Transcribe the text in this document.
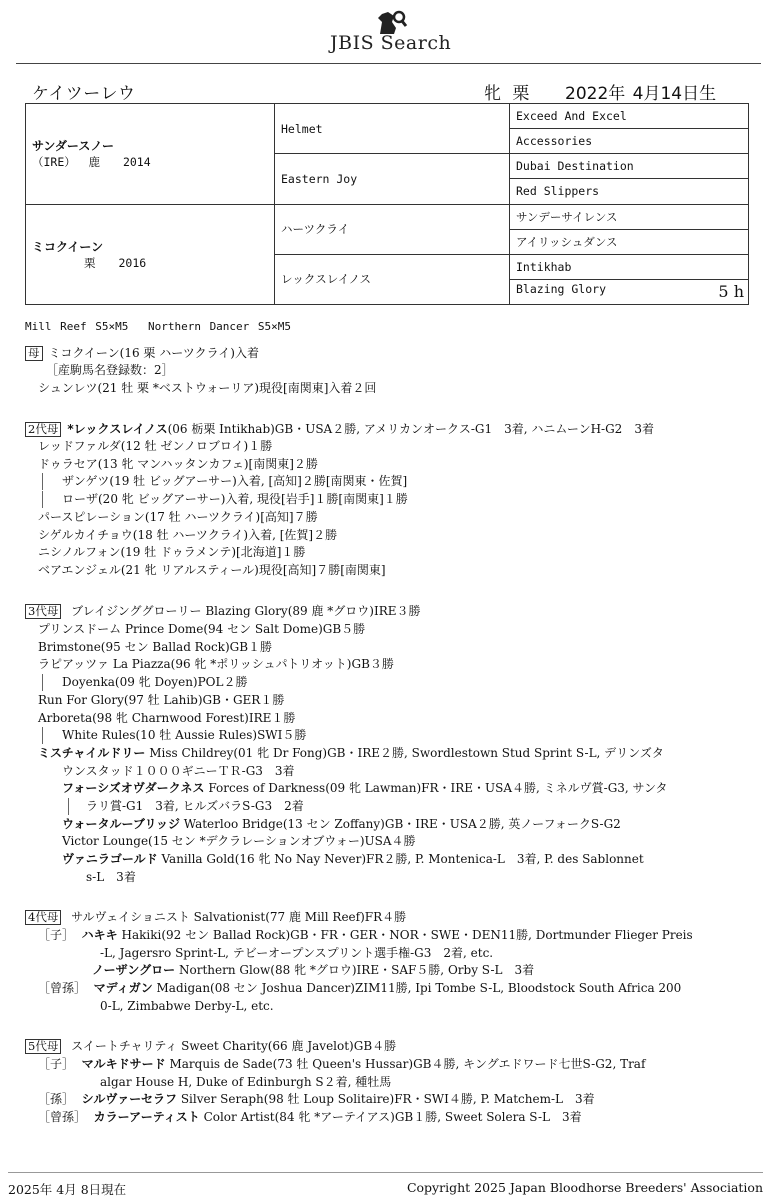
JBIS Search
ケイツーレウ	牝 栗 2022年 4月14日生
サンダースノー
（IRE）　 鹿　　2014	Helmet	Exceed And Excel
		Accessories
	Eastern Joy	Dubai Destination
		Red Slippers

ミコクイーン
栗　　2016	ハーツクライ	サンデーサイレンス
		アイリッシュダンス
	レックスレイノス	Intikhab
		Blazing Glory 5 h
Mill Reef S5×M5　 Northern Dancer S5×M5
母 ミコクイーン(16 栗 ハーツクライ)入着
［産駒馬名登録数：2］
シュンレツ(21 牡 栗 *ベストウォーリア)現役[南関東]入着２回
2代母 *レックスレイノス(06 栃栗 Intikhab)GB・USA２勝, アメリカンオークス-G1　3着, ハニムーンH-G2　3着
レッドファルダ(12 牡 ゼンノロブロイ)１勝
ドゥラセア(13 牝 マンハッタンカフェ)[南関東]２勝
ザンゲツ(19 牡 ビッグアーサー)入着, [高知]２勝[南関東・佐賀]
ローザ(20 牝 ビッグアーサー)入着, 現役[岩手]１勝[南関東]１勝
パースピレーション(17 牡 ハーツクライ)[高知]７勝
シゲルカイチョウ(18 牡 ハーツクライ)入着, [佐賀]２勝
ニシノルフォン(19 牡 ドゥラメンテ)[北海道]１勝
ベアエンジェル(21 牝 リアルスティール)現役[高知]７勝[南関東]
3代母 ブレイジンググローリー Blazing Glory(89 鹿 *グロウ)IRE３勝
プリンスドーム Prince Dome(94 セン Salt Dome)GB５勝
Brimstone(95 セン Ballad Rock)GB１勝
ラピアッツァ La Piazza(96 牝 *ポリッシュパトリオット)GB３勝
Doyenka(09 牝 Doyen)POL２勝
Run For Glory(97 牡 Lahib)GB・GER１勝
Arboreta(98 牝 Charnwood Forest)IRE１勝
White Rules(10 牡 Aussie Rules)SWI５勝
ミスチャイルドリー Miss Childrey(01 牝 Dr Fong)GB・IRE２勝, Swordlestown Stud Sprint S-L, デリンズタ
ウンスタッド１０００ギニーＴＲ-G3　3着
フォーシズオヴダークネス Forces of Darkness(09 牝 Lawman)FR・IRE・USA４勝, ミネルヴ賞-G3, サンタ
ラリ賞-G1　3着, ヒルズバラS-G3　2着
ウォータルーブリッジ Waterloo Bridge(13 セン Zoffany)GB・IRE・USA２勝, 英ノーフォークS-G2
Victor Lounge(15 セン *デクラレーションオブウォー)USA４勝
ヴァニラゴールド Vanilla Gold(16 牝 No Nay Never)FR２勝, P. Montenica-L　3着, P. des Sablonnet
s-L　3着
4代母 サルヴェイショニスト Salvationist(77 鹿 Mill Reef)FR４勝
［子］ ハキキ Hakiki(92 セン Ballad Rock)GB・FR・GER・NOR・SWE・DEN11勝, Dortmunder Flieger Preis
-L, Jagersro Sprint-L, テビーオープンスプリント選手権-G3　2着, etc.
ノーザングロー Northern Glow(88 牝 *グロウ)IRE・SAF５勝, Orby S-L　3着
［曾孫］ マディガン Madigan(08 セン Joshua Dancer)ZIM11勝, Ipi Tombe S-L, Bloodstock South Africa 200
0-L, Zimbabwe Derby-L, etc.
5代母 スイートチャリティ Sweet Charity(66 鹿 Javelot)GB４勝
［子］ マルキドサード Marquis de Sade(73 牡 Queen's Hussar)GB４勝, キングエドワード七世S-G2, Traf
algar House H, Duke of Edinburgh S２着, 種牡馬
［孫］ シルヴァーセラフ Silver Seraph(98 牡 Loup Solitaire)FR・SWI４勝, P. Matchem-L　3着
［曾孫］ カラーアーティスト Color Artist(84 牝 *アーテイアス)GB１勝, Sweet Solera S-L　3着
2025年 4月 8日現在	Copyright 2025 Japan Bloodhorse Breeders' Association
